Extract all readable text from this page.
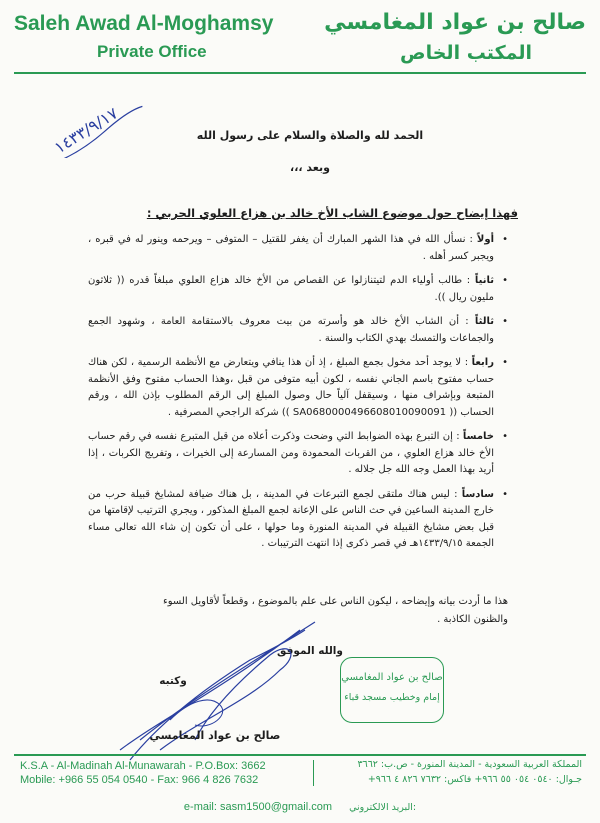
Saleh Awad Al-Moghamsy
Private Office
صالح بن عواد المغامسي
المكتب الخاص
١٤٣٣/٩/١٧	الحمد لله والصلاة والسلام على رسول الله
وبعد ،،،
فهذا إيضاح حول موضوع الشاب الأخ خالد بن هزاع العلوي الحربي :
•
أولاً : نسأل الله في هذا الشهر المبارك أن يغفر للقتيل – المتوفى – ويرحمه وينور له في قبره ، ويجبر كسر أهله .
•
ثانياً : طالب أولياء الدم لتيتنازلوا عن القصاص من الأخ خالد هزاع العلوي مبلغاً قدره (( ثلاثون مليون ريال )).
•
ثالثاً : أن الشاب الأخ خالد هو وأسرته من بيت معروف بالاستقامة العامة ، وشهود الجمع والجماعات والتمسك بهدي الكتاب والسنة .
•
رابعاً : لا يوجد أحد مخول بجمع المبلغ ، إذ أن هذا ينافي ويتعارض مع الأنظمة الرسمية ، لكن هناك حساب مفتوح باسم الجاني نفسه ، لكون أبيه متوفى من قبل ،وهذا الحساب مفتوح وفق الأنظمة المتبعة وبإشراف منها ، وسيقفل آلياً حال وصول المبلغ إلى الرقم المطلوب بإذن الله ، ورقم الحساب (( SA0680000496608010090091 )) شركة الراجحي المصرفية .
•
خامساً : إن التبرع بهذه الضوابط التي وضحت وذكرت أعلاه من قبل المتبرع نفسه في رقم حساب الأخ خالد هزاع العلوي ، من القربات المحمودة ومن المسارعة إلى الخيرات ، وتفريج الكربات ، إذا أريد بهذا العمل وجه الله جل جلاله .
•
سادساً : ليس هناك ملتقى لجمع التبرعات في المدينة ، بل هناك ضيافة لمشايخ قبيلة حرب من خارج المدينة الساعين في حث الناس على الإعانة لجمع المبلغ المذكور ، ويجري الترتيب لإقامتها من قبل بعض مشايخ القبيلة في المدينة المنورة وما حولها ، على أن تكون إن شاء الله تعالى مساء الجمعة ١٤٣٣/٩/١٥هـ في قصر ذكرى إذا انتهت الترتيبات .
هذا ما أردت بيانه وإيضاحه ، ليكون الناس على علم بالموضوع ، وقطعاً لأقاويل السوء
والظنون الكاذبة .
والله الموفق
وكتبه	صالح بن عواد المغامسي
إمام وخطيب مسجد قباء
صالح بن عواد المغامسي
K.S.A - Al-Madinah Al-Munawarah - P.O.Box: 3662
Mobile: +966 55 054 0540 - Fax: 966 4 826 7632
المملكة العربية السعودية - المدينة المنورة - ص.ب: ٣٦٦٢
جـوال: ٠٥٤٠ ٠٥٤ ٥٥ ٩٦٦+ فاكس: ٧٦٣٢ ٨٢٦ ٤ ٩٦٦+
e-mail: sasm1500@gmail.com البريد الالكتروني:
